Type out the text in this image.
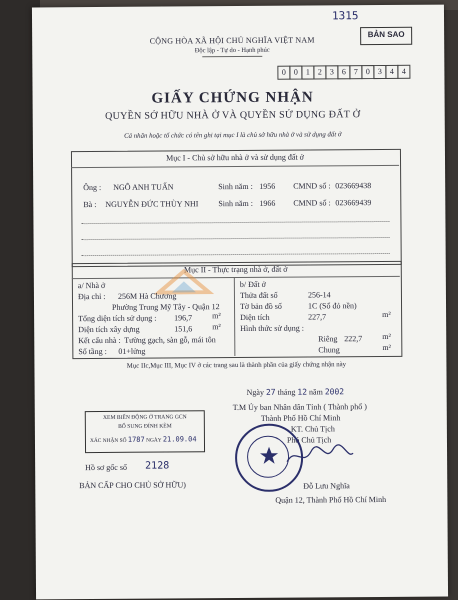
1315
BẢN SAO
CỘNG HÒA XÃ HỘI CHỦ NGHĨA VIỆT NAM
Độc lập - Tự do - Hạnh phúc
0 0 1 2 3 6 7 0 3 4 4
GIẤY CHỨNG NHẬN
QUYỀN SỞ HỮU NHÀ Ở VÀ QUYỀN SỬ DỤNG ĐẤT Ở
Cá nhân hoặc tổ chức có tên ghi tại mục I là chủ sở hữu nhà ở và sử dụng đất ở
Mục I - Chủ sở hữu nhà ở và sử dụng đất ở
Ông : NGÔ ANH TUẤN	Sinh năm : 1956 CMND số : 023669438
Bà : NGUYỄN ĐỨC THÙY NHI Sinh năm : 1966 CMND số : 023669439
Mục II - Thực trạng nhà ở, đất ở
a/ Nhà ở
Địa chỉ : 256M Hà Chương
Phường Trung Mỹ Tây - Quận 12
Tổng diện tích sử dụng : 196,7 m²
Diện tích xây dựng	151,6 m²
Kết cấu nhà : Tường gạch, sàn gỗ, mái tôn
Số tầng : 01+lửng
b/ Đất ở
Thửa đất số	256-14
Tờ bản đồ số	1C (Sổ đỏ nền)
Diện tích	227,7	m²
Hình thức sử dụng :
Riêng 222,7 m²
Chung	m²
Mục IIc,Mục III, Mục IV ở các trang sau là thành phần của giấy chứng nhận này
Ngày 27 tháng 12 năm 2002
T.M Ủy ban Nhân dân Tỉnh ( Thành phố )
Thành Phố Hồ Chí Minh
KT. Chủ Tịch
Phó Chủ Tịch
Đỗ Lưu Nghĩa
Quận 12, Thành Phố Hồ Chí Minh
XEM BIẾN ĐỘNG Ở TRANG GCN
BỔ SUNG ĐÍNH KÈM
XÁC NHẬN SỐ 1787 NGÀY 21.09.04
Hồ sơ gốc số 2128
BẢN CẤP CHO CHỦ SỞ HỮU)
